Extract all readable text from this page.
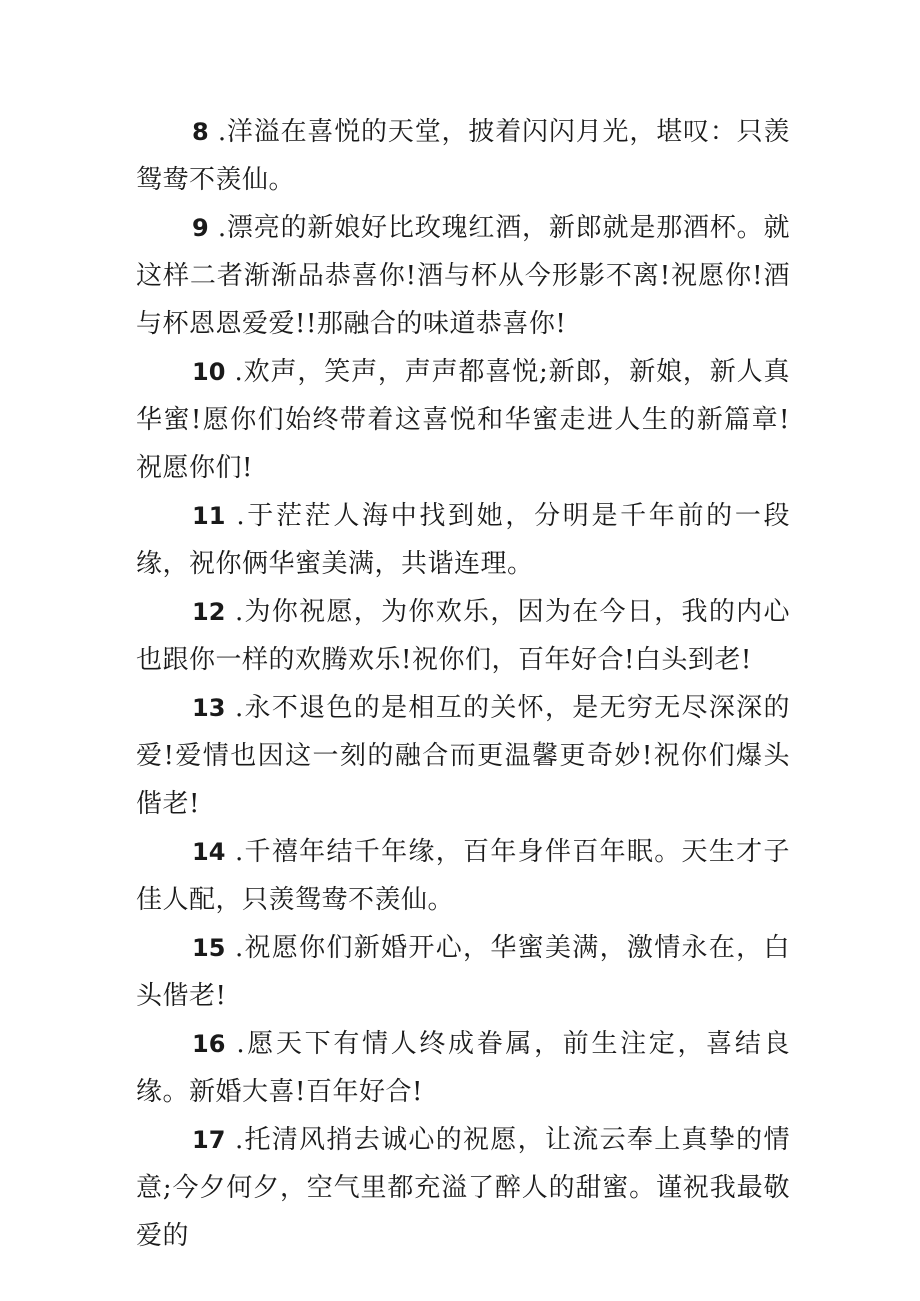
8 .洋溢在喜悦的天堂，披着闪闪月光，堪叹：只羡鸳鸯不羡仙。

9 .漂亮的新娘好比玫瑰红酒，新郎就是那酒杯。就这样二者渐渐品恭喜你!酒与杯从今形影不离!祝愿你!酒与杯恩恩爱爱!!那融合的味道恭喜你!

10 .欢声，笑声，声声都喜悦;新郎，新娘，新人真华蜜!愿你们始终带着这喜悦和华蜜走进人生的新篇章!祝愿你们!

11 .于茫茫人海中找到她，分明是千年前的一段缘，祝你俩华蜜美满，共谐连理。

12 .为你祝愿，为你欢乐，因为在今日，我的内心也跟你一样的欢腾欢乐!祝你们，百年好合!白头到老!

13 .永不退色的是相互的关怀，是无穷无尽深深的爱!爱情也因这一刻的融合而更温馨更奇妙!祝你们爆头偕老!

14 .千禧年结千年缘，百年身伴百年眠。天生才子佳人配，只羡鸳鸯不羡仙。

15 .祝愿你们新婚开心，华蜜美满，激情永在，白头偕老!

16 .愿天下有情人终成眷属，前生注定，喜结良缘。新婚大喜!百年好合!

17 .托清风捎去诚心的祝愿，让流云奉上真挚的情意;今夕何夕，空气里都充溢了醉人的甜蜜。谨祝我最敬爱的
